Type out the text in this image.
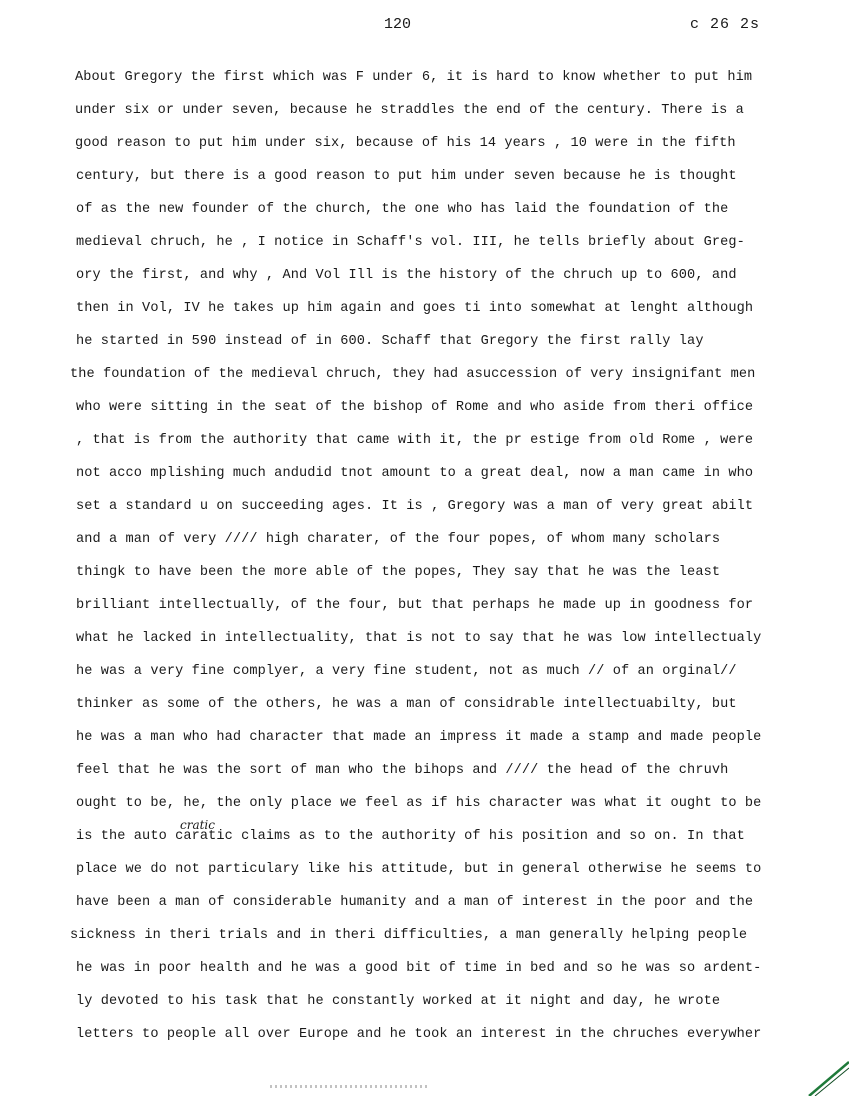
120	c 26 2s
About Gregory the first which was F under 6, it is hard to know whether to put him
under six or under seven, because he straddles the end of the century. There is a
good reason to put him under six, because of his 14 years , 10 were in the fifth
century, but there is a good reason to put him under seven because he is thought
of as the new founder of the church, the one who has laid the foundation of the
medieval chruch, he , I notice in Schaff's vol. III, he tells briefly about Greg-
ory the first, and why , And Vol Ill is the history of the chruch up to 600, and
then in Vol, IV he takes up him again and goes ti into somewhat at lenght although
he started in 590 instead of in 600. Schaff that Gregory the first rally lay
the foundation of the medieval chruch, they had asuccession of very insignifant men
who were sitting in the seat of the bishop of Rome and who aside from theri office
, that is from the authority that came with it, the pr estige from old Rome , were
not acco mplishing much andudid tnot amount to a great deal, now a man came in who
set a standard u on succeeding ages. It is , Gregory was a man of very great abilt
and a man of very //// high charater, of the four popes, of whom many scholars
thingk to have been the more able of the popes, They say that he was the least
brilliant intellectually, of the four, but that perhaps he made up in goodness for
what he lacked in intellectuality, that is not to say that he was low intellectualy
he was a very fine complyer, a very fine student, not as much // of an orginal//
thinker as some of the others, he was a man of considrable intellectuabilty, but
he was a man who had character that made an impress it made a stamp and made people
feel that he was the sort of man who the bihops and //// the head of the chruvh
ought to be, he, the only place we feel as if his character was what it ought to be
is the auto caratic claims as to the authority of his position and so on. In that
place we do not particulary like his attitude, but in general otherwise he seems to
have been a man of considerable humanity and a man of interest in the poor and the
sickness in theri trials and in theri difficulties, a man generally helping people
he was in poor health and he was a good bit of time in bed and so he was so ardent-
ly devoted to his task that he constantly worked at it night and day, he wrote
letters to people all over Europe and he took an interest in the chruches everywher
cratic
